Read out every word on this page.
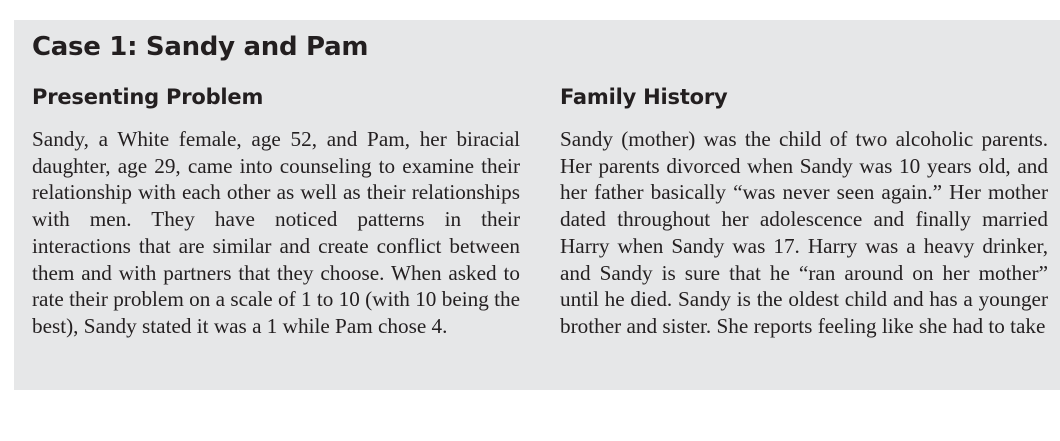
Case 1: Sandy and Pam
Presenting Problem

Sandy, a White female, age 52, and Pam, her biracial daughter, age 29, came into counseling to examine their relationship with each other as well as their relationships with men. They have noticed patterns in their interactions that are similar and create conflict between them and with partners that they choose. When asked to rate their problem on a scale of 1 to 10 (with 10 being the best), Sandy stated it was a 1 while Pam chose 4.

Family History

Sandy (mother) was the child of two alcoholic parents. Her parents divorced when Sandy was 10 years old, and her father basically “was never seen again.” Her mother dated throughout her adolescence and finally married Harry when Sandy was 17. Harry was a heavy drinker, and Sandy is sure that he “ran around on her mother” until he died. Sandy is the oldest child and has a younger brother and sister. She reports feeling like she had to take
